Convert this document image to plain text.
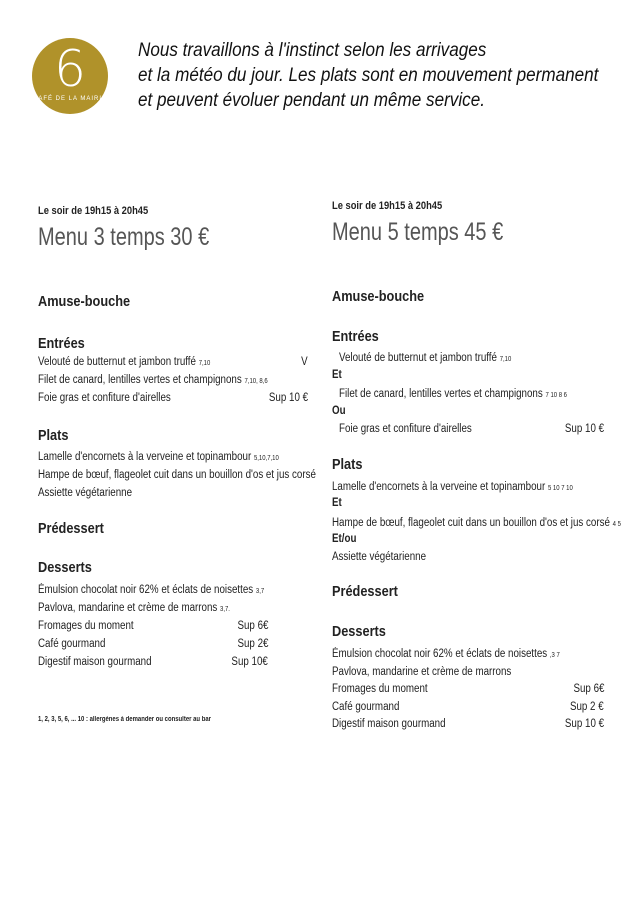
6
CAFÉ DE LA MAIRIE
Nous travaillons à l'instinct selon les arrivages
et la météo du jour. Les plats sont en mouvement permanent
et peuvent évoluer pendant un même service.
Le soir de 19h15 à 20h45
Menu 3 temps 30 €
Amuse-bouche
Entrées
Velouté de butternut et jambon truffé 7,10	V
Filet de canard, lentilles vertes et champignons 7,10, 8,6
Foie gras et confiture d'airelles	Sup 10 €
Plats
Lamelle d'encornets à la verveine et topinambour 5,10,7,10
Hampe de bœuf, flageolet cuit dans un bouillon d'os et jus corsé
Assiette végétarienne
Prédessert
Desserts
Émulsion chocolat noir 62% et éclats de noisettes 3,7
Pavlova, mandarine et crème de marrons 3,7.
Fromages du moment	Sup 6€
Café gourmand	Sup 2€
Digestif maison gourmand	Sup 10€
1, 2, 3, 5, 6, ... 10 : allergènes à demander ou consulter au bar
Le soir de 19h15 à 20h45
Menu 5 temps 45 €
Amuse-bouche
Entrées
Velouté de butternut et jambon truffé 7,10
Et
Filet de canard, lentilles vertes et champignons 7 10 8 6
Ou
Foie gras et confiture d'airelles	Sup 10 €
Plats
Lamelle d'encornets à la verveine et topinambour 5 10 7 10
Et
Hampe de bœuf, flageolet cuit dans un bouillon d'os et jus corsé 4 5
Et/ou
Assiette végétarienne
Prédessert
Desserts
Émulsion chocolat noir 62% et éclats de noisettes ,3 7
Pavlova, mandarine et crème de marrons
Fromages du moment	Sup 6€
Café gourmand	Sup 2 €
Digestif maison gourmand	Sup 10 €
